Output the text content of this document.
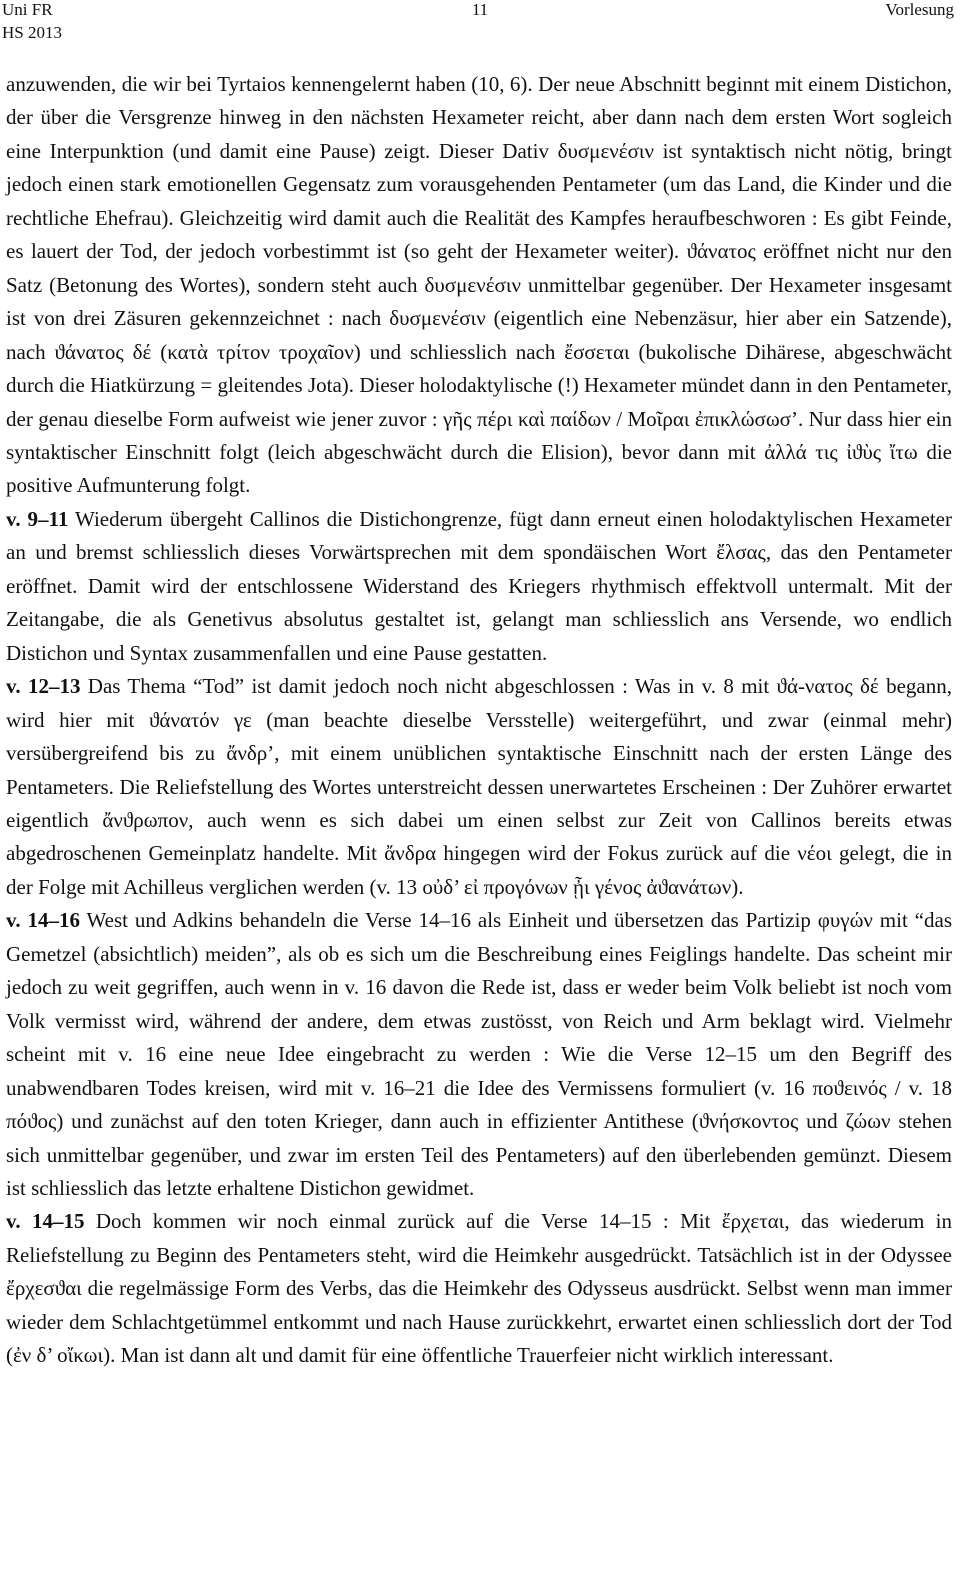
Uni FR
HS 2013
11	Vorlesung

anzuwenden, die wir bei Tyrtaios kennengelernt haben (10, 6). Der neue Abschnitt beginnt mit einem Distichon, der über die Versgrenze hinweg in den nächsten Hexameter reicht, aber dann nach dem ersten Wort sogleich eine Interpunktion (und damit eine Pause) zeigt. Dieser Dativ δυσμενέσιν ist syntaktisch nicht nötig, bringt jedoch einen stark emotionellen Gegensatz zum vorausgehenden Pentameter (um das Land, die Kinder und die rechtliche Ehefrau). Gleichzeitig wird damit auch die Realität des Kampfes heraufbeschworen : Es gibt Feinde, es lauert der Tod, der jedoch vorbestimmt ist (so geht der Hexameter weiter). ϑάνατος eröffnet nicht nur den Satz (Betonung des Wortes), sondern steht auch δυσμενέσιν unmittelbar gegenüber. Der Hexameter insgesamt ist von drei Zäsuren gekennzeichnet : nach δυσμενέσιν (eigentlich eine Nebenzäsur, hier aber ein Satzende), nach ϑάνατος δέ (κατὰ τρίτον τροχαῖον) und schliesslich nach ἔσσεται (bukolische Dihärese, abgeschwächt durch die Hiatkürzung = gleitendes Jota). Dieser holodaktylische (!) Hexameter mündet dann in den Pentameter, der genau dieselbe Form aufweist wie jener zuvor : γῆς πέρι καὶ παίδων / Μοῖραι ἐπικλώσωσ’. Nur dass hier ein syntaktischer Einschnitt folgt (leich abgeschwächt durch die Elision), bevor dann mit ἀλλά τις ἰϑὺς ἴτω die positive Aufmunterung folgt.

v. 9–11 Wiederum übergeht Callinos die Distichongrenze, fügt dann erneut einen holodaktylischen Hexameter an und bremst schliesslich dieses Vorwärtsprechen mit dem spondäischen Wort ἔλσας, das den Pentameter eröffnet. Damit wird der entschlossene Widerstand des Kriegers rhythmisch effektvoll untermalt. Mit der Zeitangabe, die als Genetivus absolutus gestaltet ist, gelangt man schliesslich ans Versende, wo endlich Distichon und Syntax zusammenfallen und eine Pause gestatten.

v. 12–13 Das Thema “Tod” ist damit jedoch noch nicht abgeschlossen : Was in v. 8 mit ϑά-νατος δέ begann, wird hier mit ϑάνατόν γε (man beachte dieselbe Versstelle) weitergeführt, und zwar (einmal mehr) versübergreifend bis zu ἄνδρ’, mit einem unüblichen syntaktische Einschnitt nach der ersten Länge des Pentameters. Die Reliefstellung des Wortes unterstreicht dessen unerwartetes Erscheinen : Der Zuhörer erwartet eigentlich ἄνϑρωπον, auch wenn es sich dabei um einen selbst zur Zeit von Callinos bereits etwas abgedroschenen Gemeinplatz handelte. Mit ἄνδρα hingegen wird der Fokus zurück auf die νέοι gelegt, die in der Folge mit Achilleus verglichen werden (v. 13 οὐδ’ εἰ προγόνων ᾖι γένος ἀϑανάτων).

v. 14–16 West und Adkins behandeln die Verse 14–16 als Einheit und übersetzen das Partizip φυγών mit “das Gemetzel (absichtlich) meiden”, als ob es sich um die Beschreibung eines Feiglings handelte. Das scheint mir jedoch zu weit gegriffen, auch wenn in v. 16 davon die Rede ist, dass er weder beim Volk beliebt ist noch vom Volk vermisst wird, während der andere, dem etwas zustösst, von Reich und Arm beklagt wird. Vielmehr scheint mit v. 16 eine neue Idee eingebracht zu werden : Wie die Verse 12–15 um den Begriff des unabwendbaren Todes kreisen, wird mit v. 16–21 die Idee des Vermissens formuliert (v. 16 ποϑεινός / v. 18 πόϑος) und zunächst auf den toten Krieger, dann auch in effizienter Antithese (ϑνήσκοντος und ζώων stehen sich unmittelbar gegenüber, und zwar im ersten Teil des Pentameters) auf den überlebenden gemünzt. Diesem ist schliesslich das letzte erhaltene Distichon gewidmet.

v. 14–15 Doch kommen wir noch einmal zurück auf die Verse 14–15 : Mit ἔρχεται, das wiederum in Reliefstellung zu Beginn des Pentameters steht, wird die Heimkehr ausgedrückt. Tatsächlich ist in der Odyssee ἔρχεσϑαι die regelmässige Form des Verbs, das die Heimkehr des Odysseus ausdrückt. Selbst wenn man immer wieder dem Schlachtgetümmel entkommt und nach Hause zurückkehrt, erwartet einen schliesslich dort der Tod (ἐν δ’ οἴκωι). Man ist dann alt und damit für eine öffentliche Trauerfeier nicht wirklich interessant.
